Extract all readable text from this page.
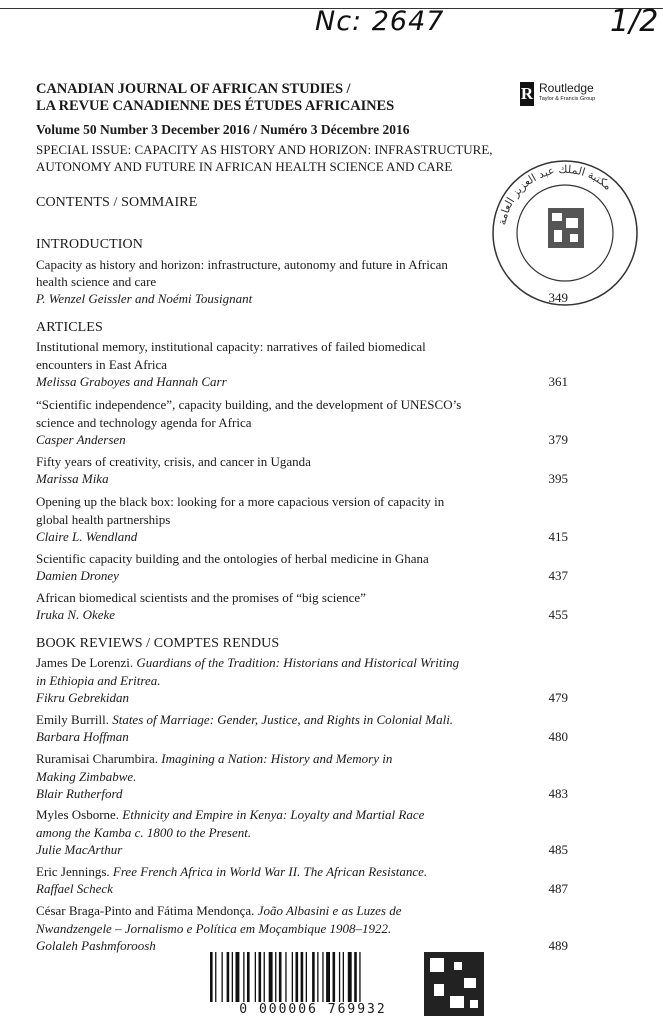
Nc: 2647	1/2
R Routledge
Taylor & Francis Group
CANADIAN JOURNAL OF AFRICAN STUDIES /
LA REVUE CANADIENNE DES ÉTUDES AFRICAINES
Volume 50 Number 3 December 2016 / Numéro 3 Décembre 2016
SPECIAL ISSUE: CAPACITY AS HISTORY AND HORIZON: INFRASTRUCTURE,
AUTONOMY AND FUTURE IN AFRICAN HEALTH SCIENCE AND CARE
CONTENTS / SOMMAIRE
مكتبة الملك عبد العزيز العامة
INTRODUCTION
Capacity as history and horizon: infrastructure, autonomy and future in African
health science and care
P. Wenzel Geissler and Noémi Tousignant	349
ARTICLES
Institutional memory, institutional capacity: narratives of failed biomedical
encounters in East Africa
Melissa Graboyes and Hannah Carr	361
“Scientific independence”, capacity building, and the development of UNESCO’s
science and technology agenda for Africa
Casper Andersen	379
Fifty years of creativity, crisis, and cancer in Uganda
Marissa Mika	395
Opening up the black box: looking for a more capacious version of capacity in
global health partnerships
Claire L. Wendland	415
Scientific capacity building and the ontologies of herbal medicine in Ghana
Damien Droney	437
African biomedical scientists and the promises of “big science”
Iruka N. Okeke	455
BOOK REVIEWS / COMPTES RENDUS
James De Lorenzi. Guardians of the Tradition: Historians and Historical Writing
in Ethiopia and Eritrea.
Fikru Gebrekidan	479
Emily Burrill. States of Marriage: Gender, Justice, and Rights in Colonial Mali.
Barbara Hoffman	480
Ruramisai Charumbira. Imagining a Nation: History and Memory in
Making Zimbabwe.
Blair Rutherford	483
Myles Osborne. Ethnicity and Empire in Kenya: Loyalty and Martial Race
among the Kamba c. 1800 to the Present.
Julie MacArthur	485
Eric Jennings. Free French Africa in World War II. The African Resistance.
Raffael Scheck	487
César Braga-Pinto and Fátima Mendonça. João Albasini e as Luzes de
Nwandzengele – Jornalismo e Política em Moçambique 1908–1922.
Golaleh Pashmforoosh	489
0 000006 769932
